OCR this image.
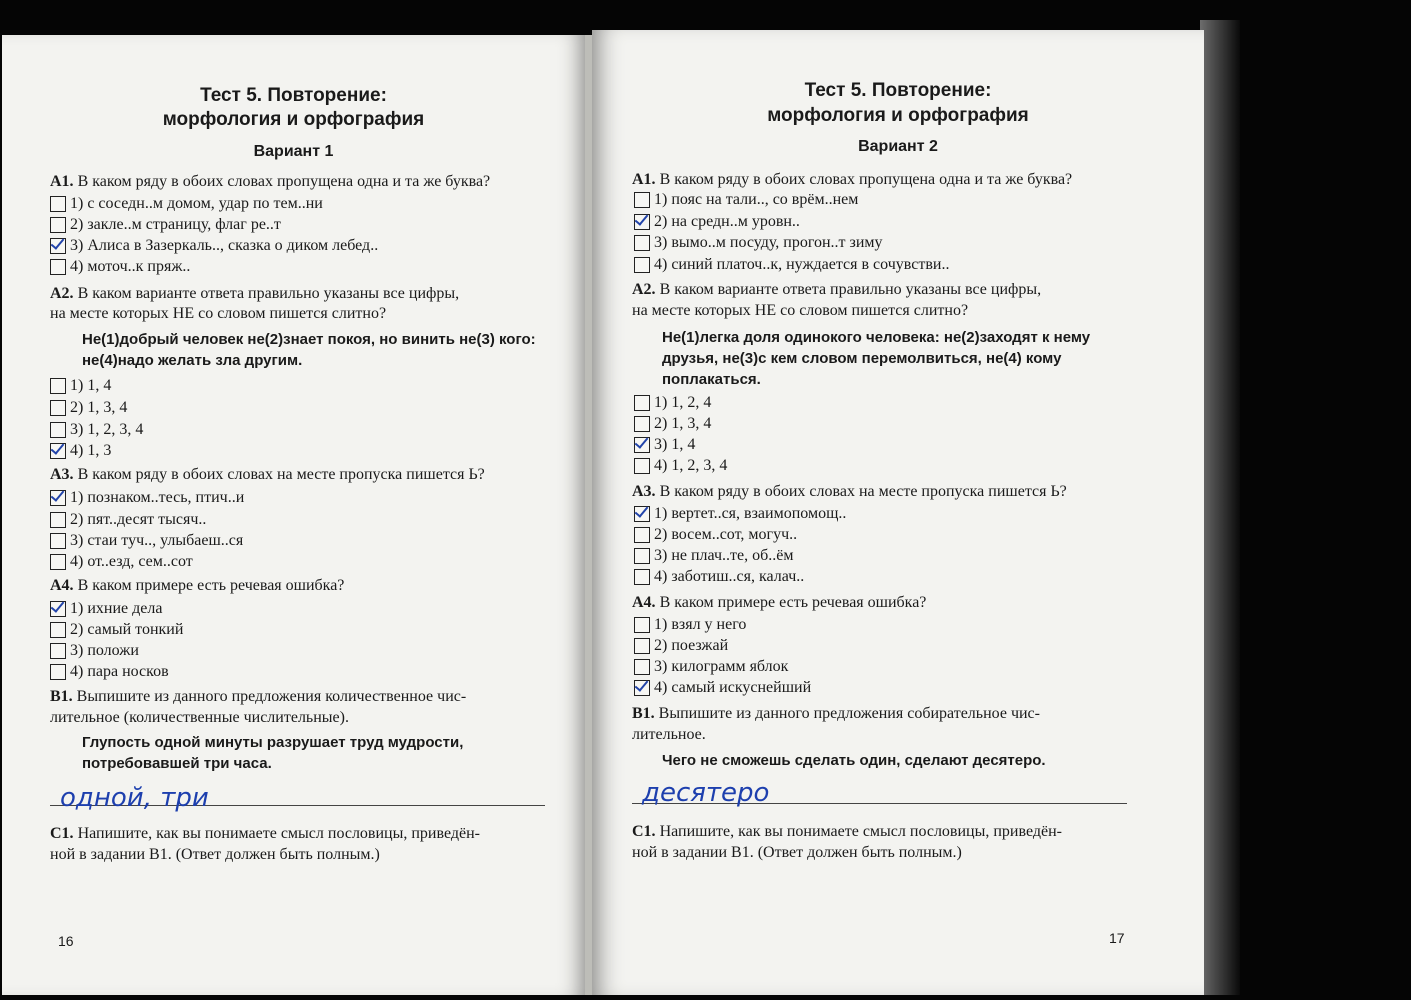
Тест 5. Повторение:
морфология и орфография
Вариант 1
А1. В каком ряду в обоих словах пропущена одна и та же буква?
1) с соседн..м домом, удар по тем..ни
2) закле..м страницу, флаг ре..т
3) Алиса в Зазеркаль.., сказка о диком лебед..
4) моточ..к пряж..
А2. В каком варианте ответа правильно указаны все цифры,
на месте которых НЕ со словом пишется слитно?
Не(1)добрый человек не(2)знает покоя, но винить не(3) кого: не(4)надо желать зла другим.
1) 1, 4
2) 1, 3, 4
3) 1, 2, 3, 4
4) 1, 3
А3. В каком ряду в обоих словах на месте пропуска пишется Ь?
1) познаком..тесь, птич..и
2) пят..десят тысяч..
3) стаи туч.., улыбаеш..ся
4) от..езд, сем..сот
А4. В каком примере есть речевая ошибка?
1) ихние дела
2) самый тонкий
3) положи
4) пара носков
В1. Выпишите из данного предложения количественное чис-
лительное (количественные числительные).
Глупость одной минуты разрушает труд мудрости, потребовавшей три часа.
одной, три
С1. Напишите, как вы понимаете смысл пословицы, приведён-
ной в задании В1. (Ответ должен быть полным.)
16
Тест 5. Повторение:
морфология и орфография
Вариант 2
А1. В каком ряду в обоих словах пропущена одна и та же буква?
1) пояс на тали.., со врём..нем
2) на средн..м уровн..
3) вымо..м посуду, прогон..т зиму
4) синий платоч..к, нуждается в сочувстви..
А2. В каком варианте ответа правильно указаны все цифры,
на месте которых НЕ со словом пишется слитно?
Не(1)легка доля одинокого человека: не(2)заходят к нему друзья, не(3)с кем словом перемолвиться, не(4) кому поплакаться.
1) 1, 2, 4
2) 1, 3, 4
3) 1, 4
4) 1, 2, 3, 4
А3. В каком ряду в обоих словах на месте пропуска пишется Ь?
1) вертет..ся, взаимопомощ..
2) восем..сот, могуч..
3) не плач..те, об..ём
4) заботиш..ся, калач..
А4. В каком примере есть речевая ошибка?
1) взял у него
2) поезжай
3) килограмм яблок
4) самый искуснейший
В1. Выпишите из данного предложения собирательное чис-
лительное.
Чего не сможешь сделать один, сделают десятеро.
десятеро
С1. Напишите, как вы понимаете смысл пословицы, приведён-
ной в задании В1. (Ответ должен быть полным.)
17
